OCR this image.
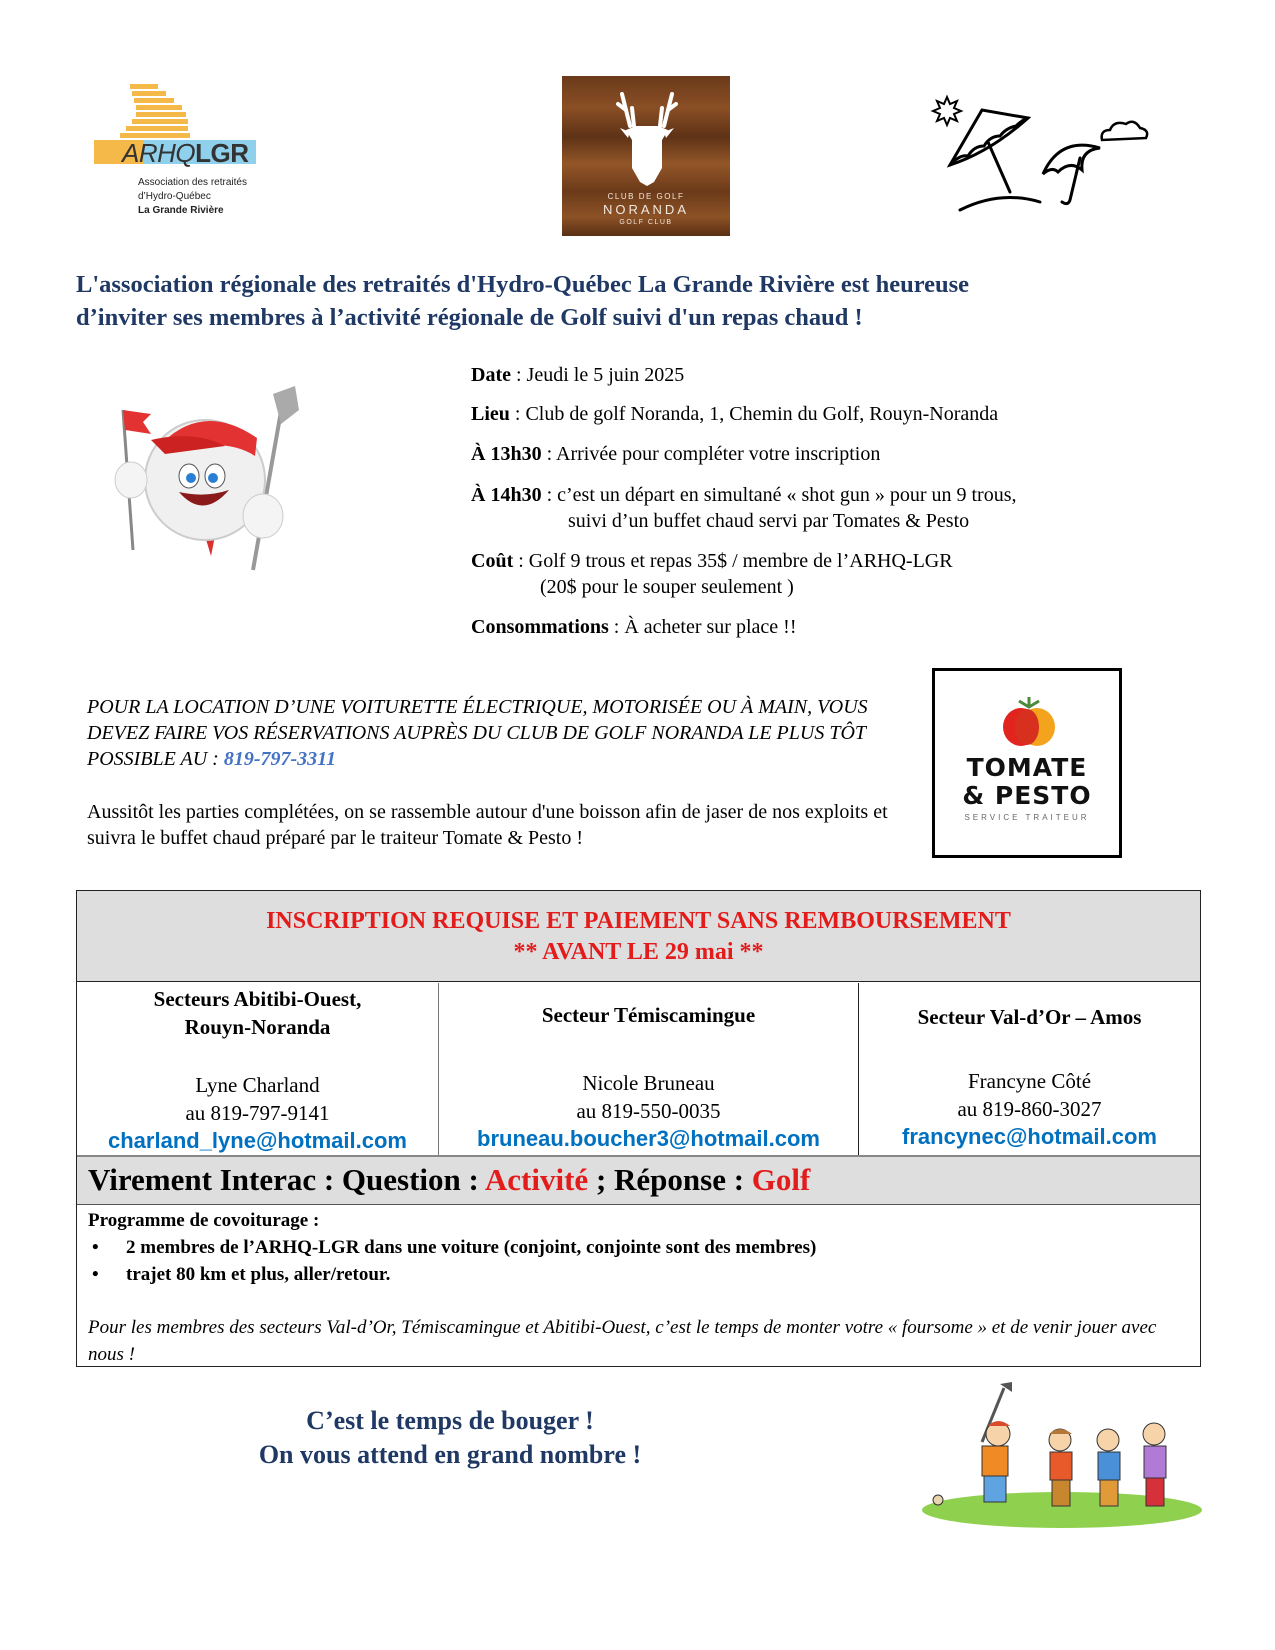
ARHQLGR
Association des retraités
d’Hydro-Québec
La Grande Rivière
CLUB DE GOLF
NORANDA
GOLF CLUB
L'association régionale des retraités d'Hydro-Québec La Grande Rivière est heureuse
d’inviter ses membres à l’activité régionale de Golf suivi d'un repas chaud !
Date : Jeudi le 5 juin 2025
Lieu : Club de golf Noranda, 1, Chemin du Golf, Rouyn-Noranda
À 13h30 : Arrivée pour compléter votre inscription
À 14h30 : c’est un départ en simultané « shot gun » pour un 9 trous,
suivi d’un buffet chaud servi par Tomates & Pesto
Coût : Golf 9 trous et repas 35$ / membre de l’ARHQ-LGR
(20$ pour le souper seulement )
Consommations : À acheter sur place !!
POUR LA LOCATION D’UNE VOITURETTE ÉLECTRIQUE, MOTORISÉE OU À MAIN, VOUS DEVEZ FAIRE VOS RÉSERVATIONS AUPRÈS DU CLUB DE GOLF NORANDA LE PLUS TÔT POSSIBLE AU : 819-797-3311
Aussitôt les parties complétées, on se rassemble autour d'une boisson afin de jaser de nos exploits et suivra le buffet chaud préparé par le traiteur Tomate & Pesto !
TOMATE
& PESTO
SERVICE TRAITEUR
INSCRIPTION REQUISE ET PAIEMENT SANS REMBOURSEMENT
** AVANT LE 29 mai **
Secteurs Abitibi-Ouest,
Rouyn-Noranda
Lyne Charland
au 819-797-9141
charland_lyne@hotmail.com
Secteur Témiscamingue
Nicole Bruneau
au 819-550-0035
bruneau.boucher3@hotmail.com
Secteur Val-d’Or – Amos
Francyne Côté
au 819-860-3027
francynec@hotmail.com
Virement Interac : Question : Activité ; Réponse : Golf
Programme de covoiturage :
• 2 membres de l’ARHQ-LGR dans une voiture (conjoint, conjointe sont des membres)
• trajet 80 km et plus, aller/retour.
Pour les membres des secteurs Val-d’Or, Témiscamingue et Abitibi-Ouest, c’est le temps de monter votre « foursome » et de venir jouer avec nous !
C’est le temps de bouger !
On vous attend en grand nombre !
